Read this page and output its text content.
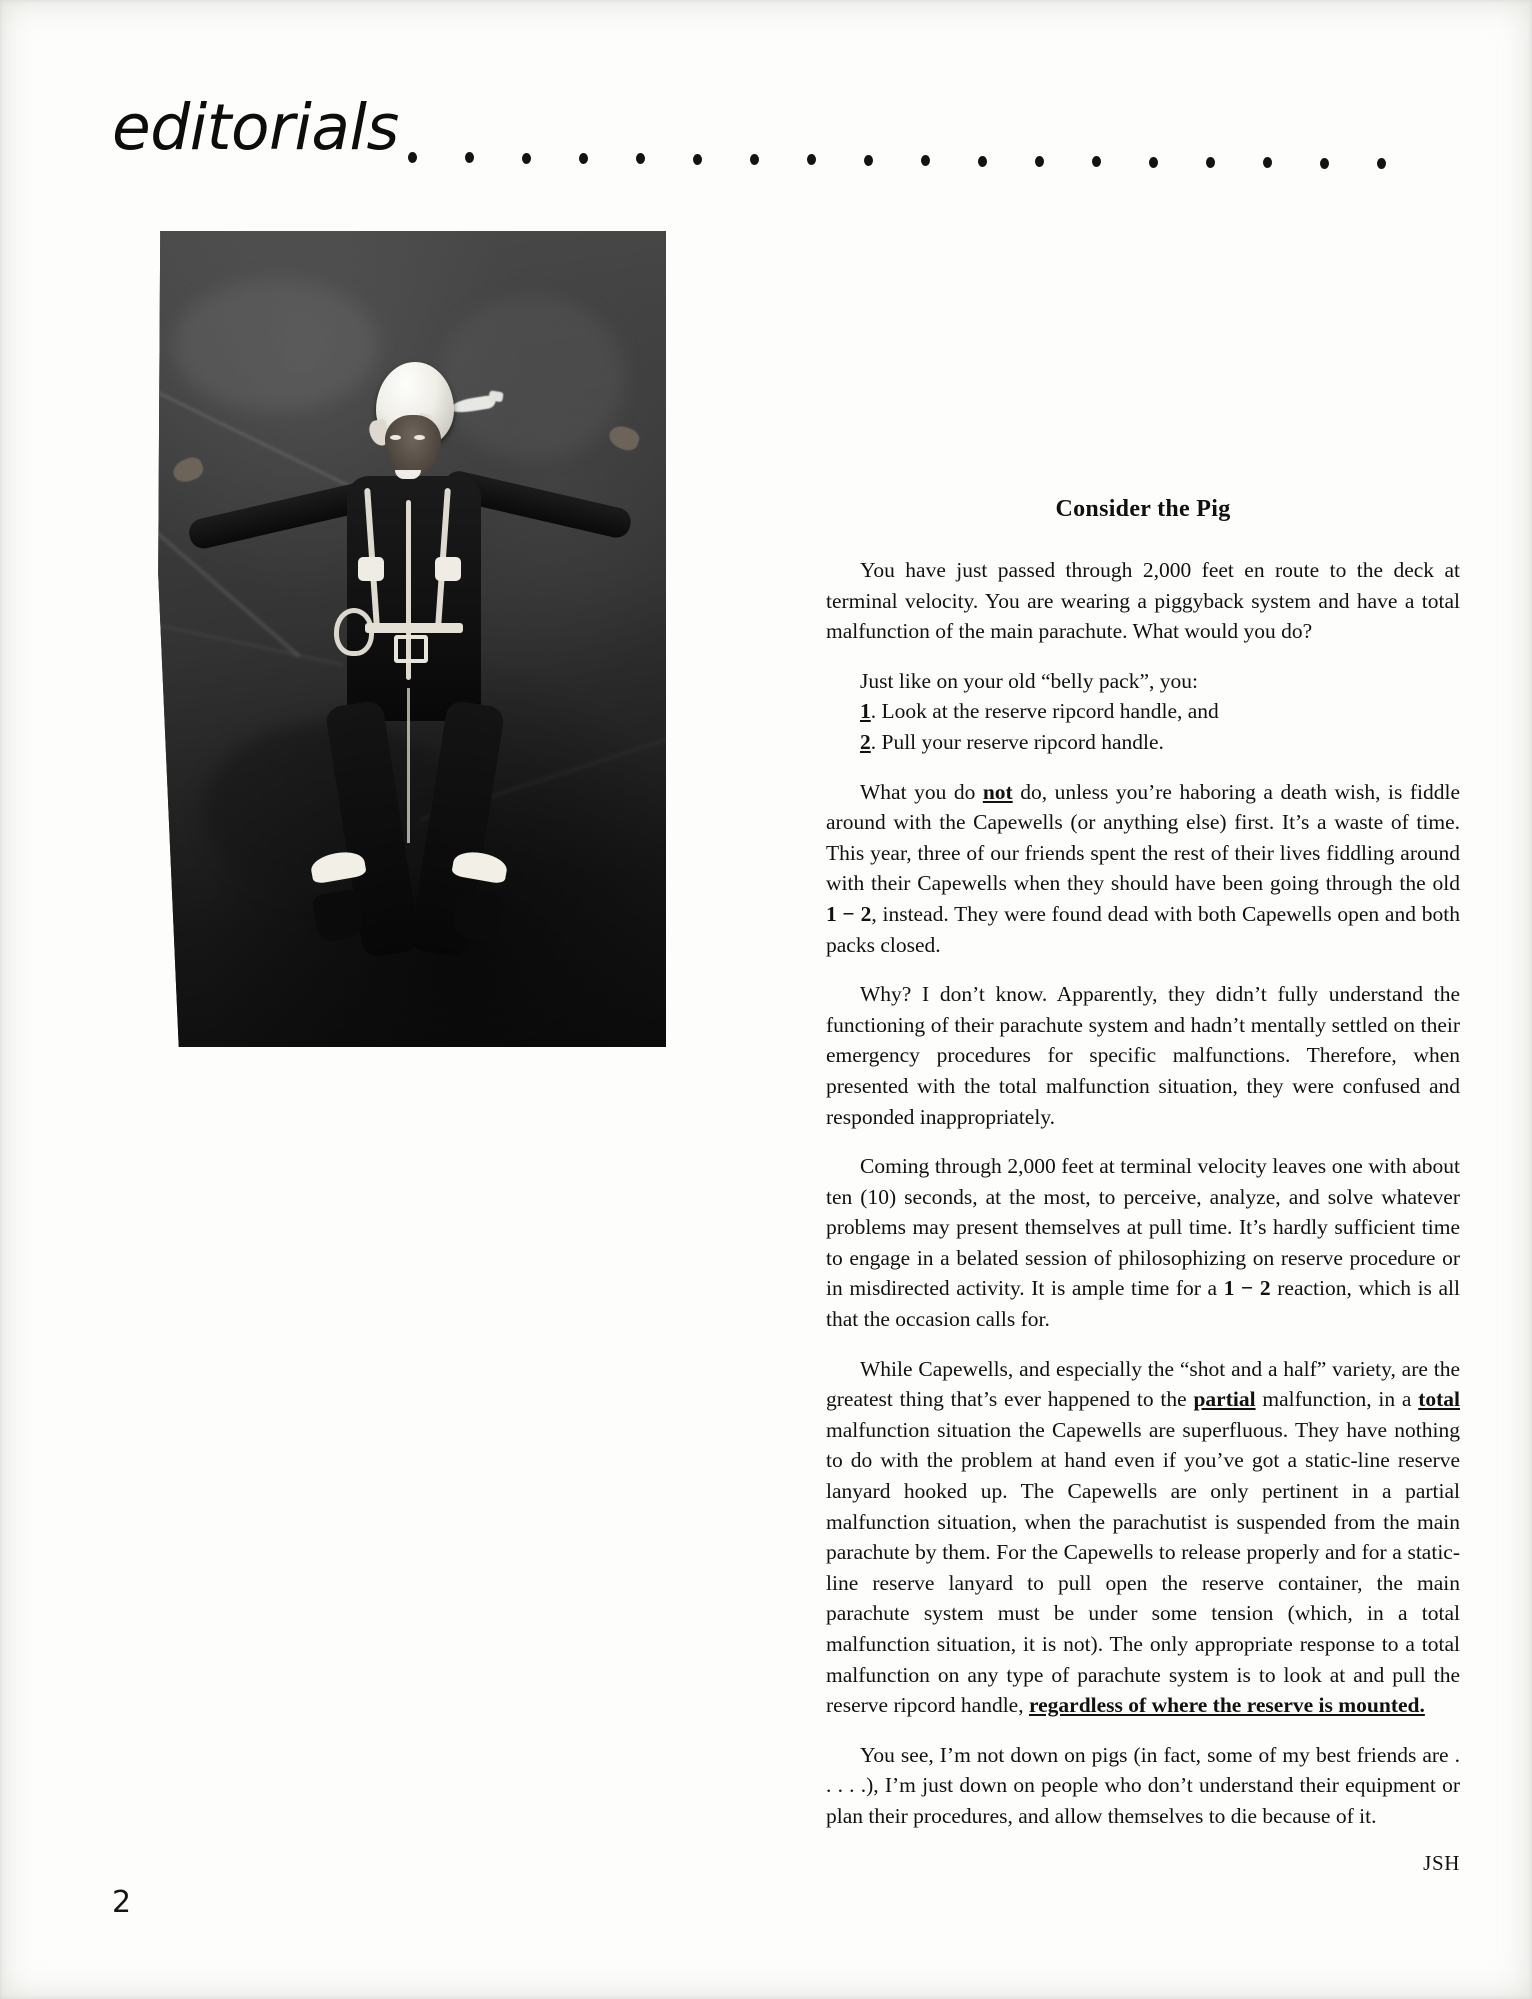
editorials
Consider the Pig

You have just passed through 2,000 feet en route to the deck at terminal velocity. You are wearing a piggyback system and have a total malfunction of the main parachute. What would you do?

Just like on your old “belly pack”, you:
1. Look at the reserve ripcord handle, and
2. Pull your reserve ripcord handle.

What you do not do, unless you’re haboring a death wish, is fiddle around with the Capewells (or anything else) first. It’s a waste of time. This year, three of our friends spent the rest of their lives fiddling around with their Capewells when they should have been going through the old 1 − 2, instead. They were found dead with both Capewells open and both packs closed.

Why? I don’t know. Apparently, they didn’t fully understand the functioning of their parachute system and hadn’t mentally settled on their emergency procedures for specific malfunctions. Therefore, when presented with the total malfunction situation, they were confused and responded inappropriately.

Coming through 2,000 feet at terminal velocity leaves one with about ten (10) seconds, at the most, to perceive, analyze, and solve whatever problems may present themselves at pull time. It’s hardly sufficient time to engage in a belated session of philosophizing on reserve procedure or in misdirected activity. It is ample time for a 1 − 2 reaction, which is all that the occasion calls for.

While Capewells, and especially the “shot and a half” variety, are the greatest thing that’s ever happened to the partial malfunction, in a total malfunction situation the Capewells are superfluous. They have nothing to do with the problem at hand even if you’ve got a static-line reserve lanyard hooked up. The Capewells are only pertinent in a partial malfunction situation, when the parachutist is suspended from the main parachute by them. For the Capewells to release properly and for a static-line reserve lanyard to pull open the reserve container, the main parachute system must be under some tension (which, in a total malfunction situation, it is not). The only appropriate response to a total malfunction on any type of parachute system is to look at and pull the reserve ripcord handle, regardless of where the reserve is mounted.

You see, I’m not down on pigs (in fact, some of my best friends are . . . . .), I’m just down on people who don’t understand their equipment or plan their procedures, and allow themselves to die because of it.

JSH
2
